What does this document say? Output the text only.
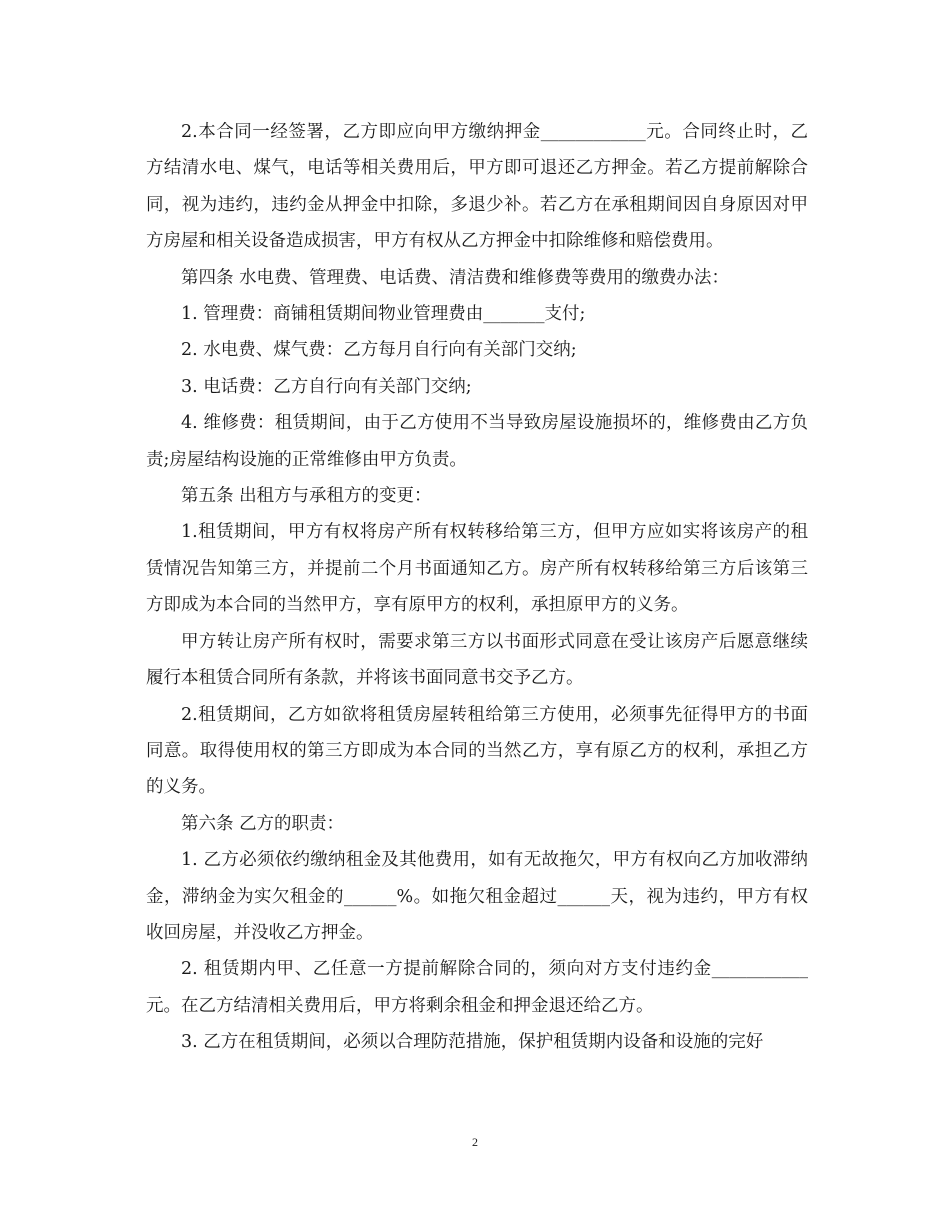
2.本合同一经签署，乙方即应向甲方缴纳押金____________元。合同终止时，乙方结清水电、煤气，电话等相关费用后，甲方即可退还乙方押金。若乙方提前解除合同，视为违约，违约金从押金中扣除，多退少补。若乙方在承租期间因自身原因对甲方房屋和相关设备造成损害，甲方有权从乙方押金中扣除维修和赔偿费用。

第四条 水电费、管理费、电话费、清洁费和维修费等费用的缴费办法：

1. 管理费：商铺租赁期间物业管理费由_______支付;

2. 水电费、煤气费：乙方每月自行向有关部门交纳;

3. 电话费：乙方自行向有关部门交纳;

4. 维修费：租赁期间，由于乙方使用不当导致房屋设施损坏的，维修费由乙方负责;房屋结构设施的正常维修由甲方负责。

第五条 出租方与承租方的变更：

1.租赁期间，甲方有权将房产所有权转移给第三方，但甲方应如实将该房产的租赁情况告知第三方，并提前二个月书面通知乙方。房产所有权转移给第三方后该第三方即成为本合同的当然甲方，享有原甲方的权利，承担原甲方的义务。

甲方转让房产所有权时，需要求第三方以书面形式同意在受让该房产后愿意继续履行本租赁合同所有条款，并将该书面同意书交予乙方。

2.租赁期间，乙方如欲将租赁房屋转租给第三方使用，必须事先征得甲方的书面同意。取得使用权的第三方即成为本合同的当然乙方，享有原乙方的权利，承担乙方的义务。

第六条 乙方的职责：

1. 乙方必须依约缴纳租金及其他费用，如有无故拖欠，甲方有权向乙方加收滞纳金，滞纳金为实欠租金的______%。如拖欠租金超过______天，视为违约，甲方有权收回房屋，并没收乙方押金。

2. 租赁期内甲、乙任意一方提前解除合同的，须向对方支付违约金___________元。在乙方结清相关费用后，甲方将剩余租金和押金退还给乙方。

3. 乙方在租赁期间，必须以合理防范措施，保护租赁期内设备和设施的完好

2
